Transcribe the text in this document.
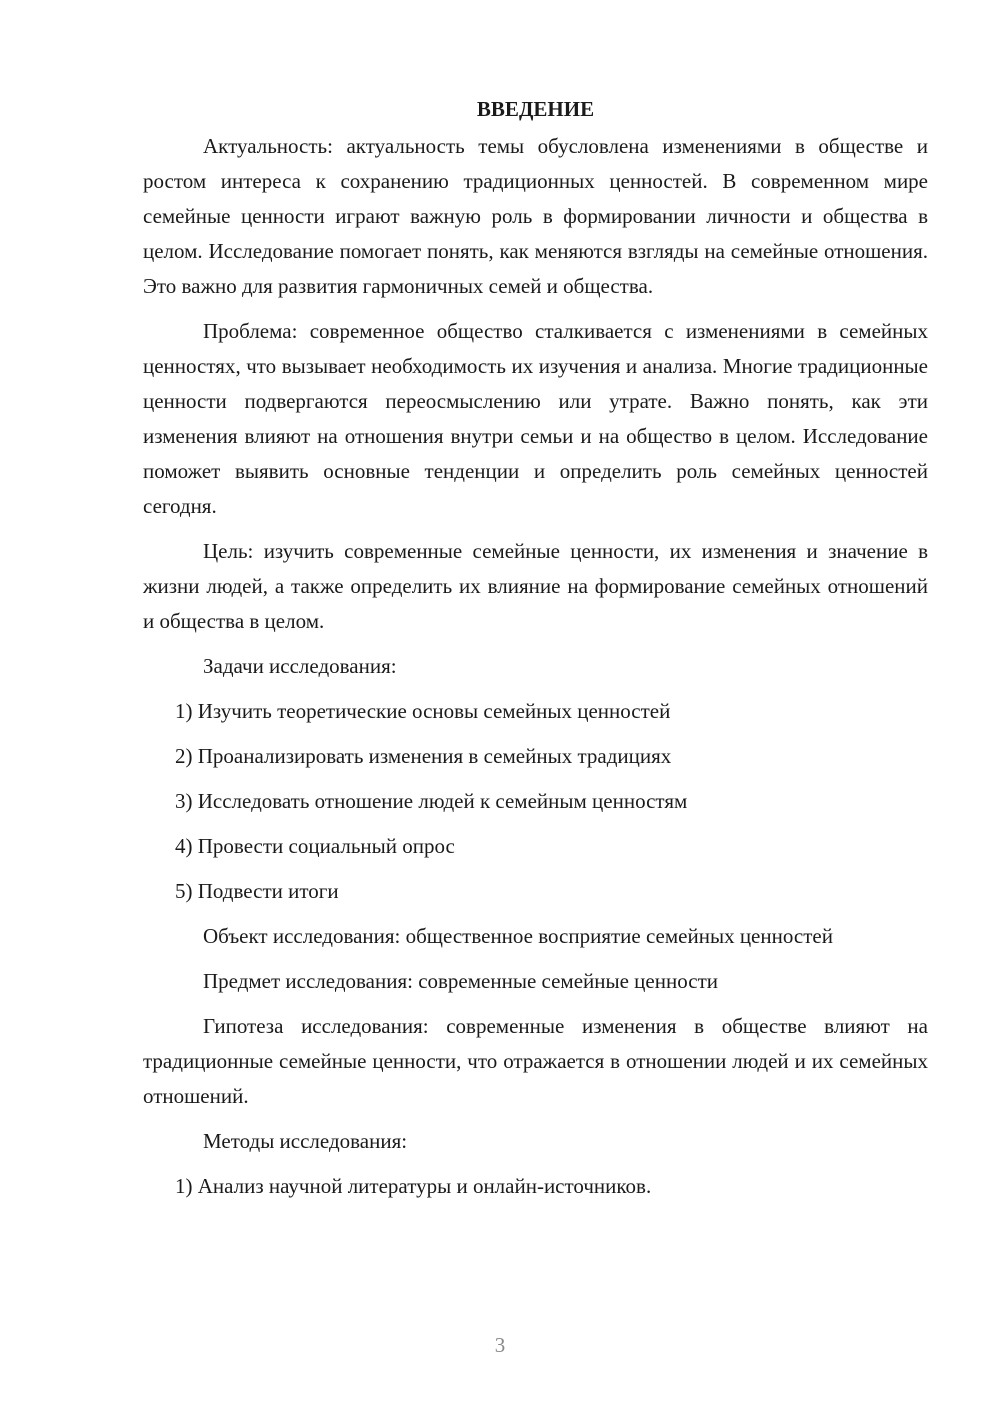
ВВЕДЕНИЕ

Актуальность: актуальность темы обусловлена изменениями в обществе и ростом интереса к сохранению традиционных ценностей. В современном мире семейные ценности играют важную роль в формировании личности и общества в целом. Исследование помогает понять, как меняются взгляды на семейные отношения. Это важно для развития гармоничных семей и общества.

Проблема: современное общество сталкивается с изменениями в семейных ценностях, что вызывает необходимость их изучения и анализа. Многие традиционные ценности подвергаются переосмыслению или утрате. Важно понять, как эти изменения влияют на отношения внутри семьи и на общество в целом. Исследование поможет выявить основные тенденции и определить роль семейных ценностей сегодня.

Цель: изучить современные семейные ценности, их изменения и значение в жизни людей, а также определить их влияние на формирование семейных отношений и общества в целом.

Задачи исследования:

1) Изучить теоретические основы семейных ценностей

2) Проанализировать изменения в семейных традициях

3) Исследовать отношение людей к семейным ценностям

4) Провести социальный опрос

5) Подвести итоги

Объект исследования: общественное восприятие семейных ценностей

Предмет исследования: современные семейные ценности

Гипотеза исследования: современные изменения в обществе влияют на традиционные семейные ценности, что отражается в отношении людей и их семейных отношений.

Методы исследования:

1) Анализ научной литературы и онлайн-источников.

3
